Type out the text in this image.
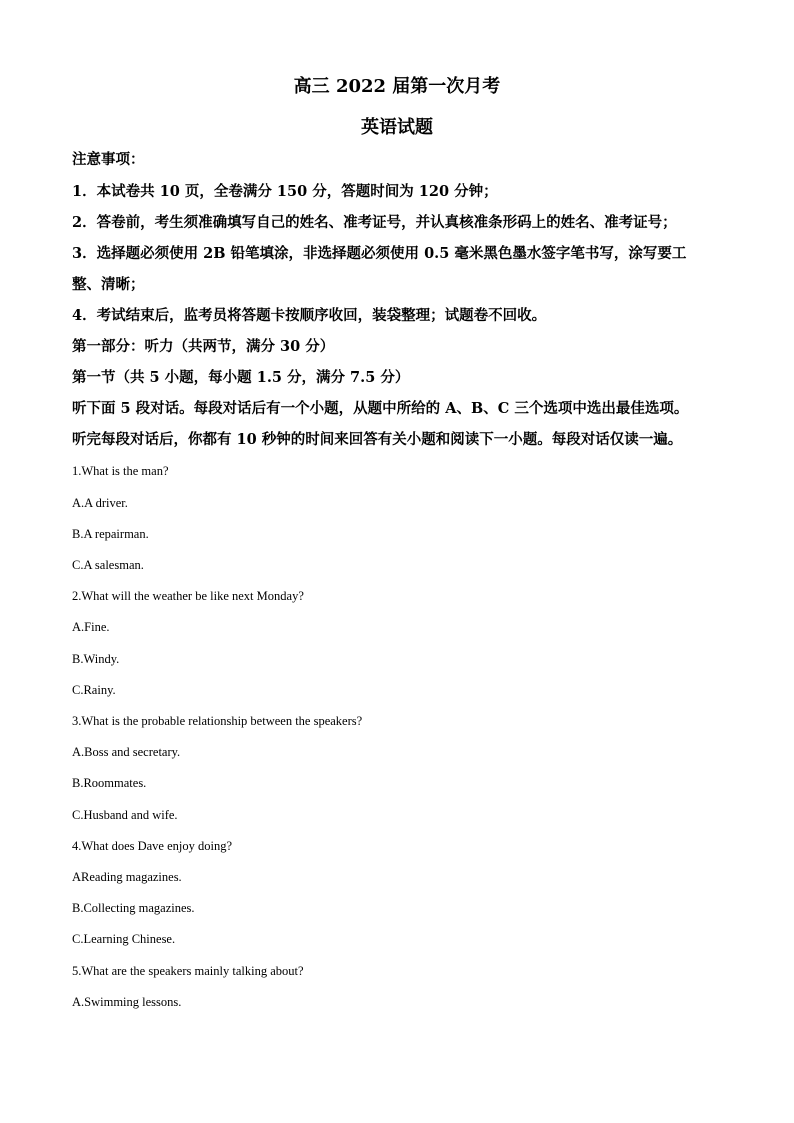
高三 2022 届第一次月考
英语试题
注意事项：
1．本试卷共 10 页，全卷满分 150 分，答题时间为 120 分钟；
2．答卷前，考生须准确填写自己的姓名、准考证号，并认真核准条形码上的姓名、准考证号；
3．选择题必须使用 2B 铅笔填涂，非选择题必须使用 0.5 毫米黑色墨水签字笔书写，涂写要工
整、清晰；
4．考试结束后，监考员将答题卡按顺序收回，装袋整理；试题卷不回收。
第一部分：听力（共两节，满分 30 分）
第一节（共 5 小题，每小题 1.5 分，满分 7.5 分）
听下面 5 段对话。每段对话后有一个小题，从题中所给的 A、B、C 三个选项中选出最佳选项。
听完每段对话后，你都有 10 秒钟的时间来回答有关小题和阅读下一小题。每段对话仅读一遍。
1.What is the man?
A.A driver.
B.A repairman.
C.A salesman.
2.What will the weather be like next Monday?
A.Fine.
B.Windy.
C.Rainy.
3.What is the probable relationship between the speakers?
A.Boss and secretary.
B.Roommates.
C.Husband and wife.
4.What does Dave enjoy doing?
AReading magazines.
B.Collecting magazines.
C.Learning Chinese.
5.What are the speakers mainly talking about?
A.Swimming lessons.
